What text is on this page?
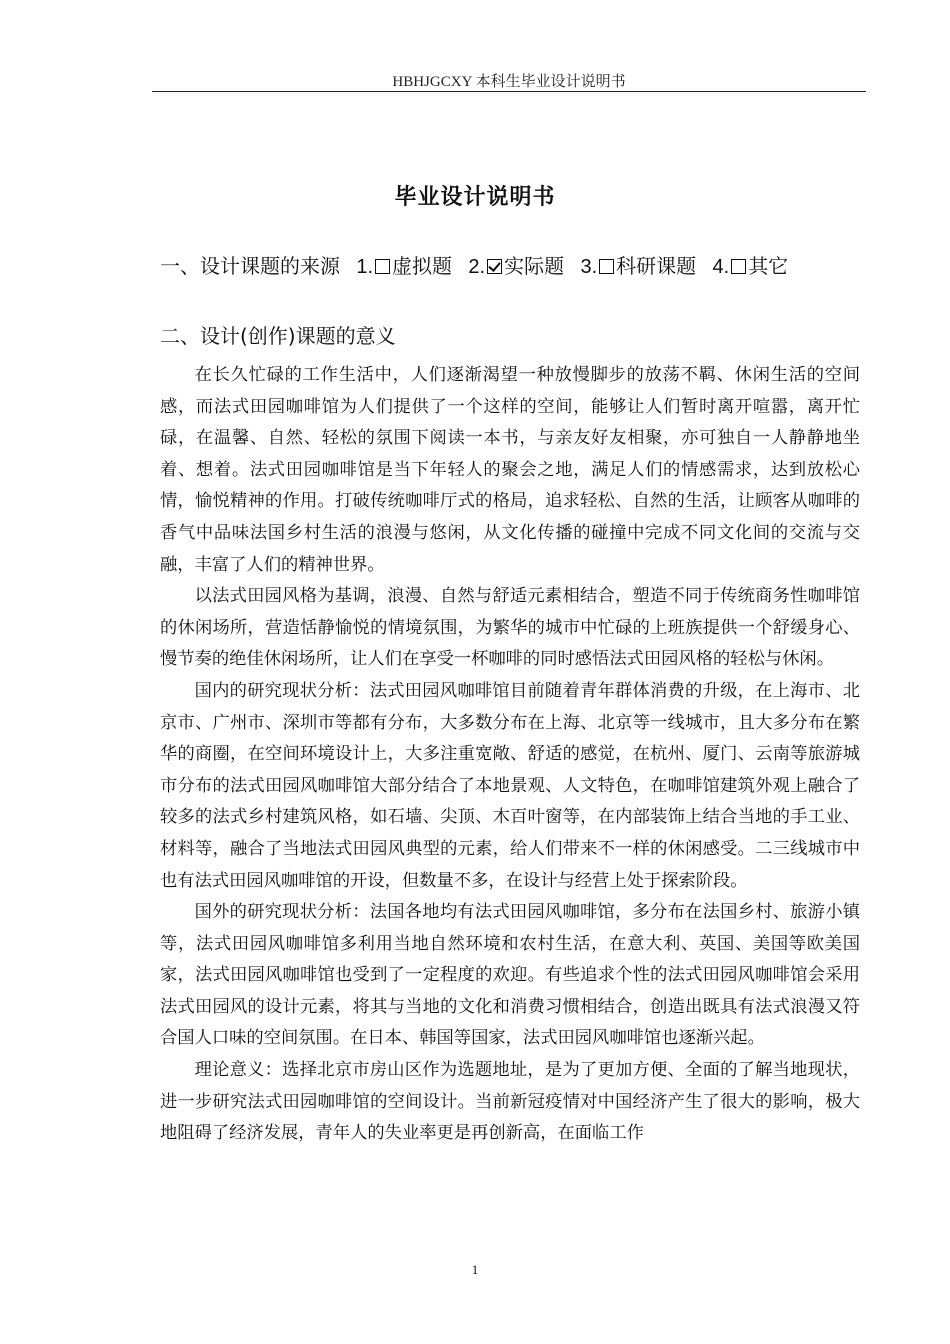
HBHJGCXY 本科生毕业设计说明书
毕业设计说明书
一、设计课题的来源 1. 虚拟题 2. 实际题 3. 科研课题 4. 其它
二、设计(创作)课题的意义

在长久忙碌的工作生活中，人们逐渐渴望一种放慢脚步的放荡不羁、休闲生活的空间感，而法式田园咖啡馆为人们提供了一个这样的空间，能够让人们暂时离开喧嚣，离开忙碌，在温馨、自然、轻松的氛围下阅读一本书，与亲友好友相聚，亦可独自一人静静地坐着、想着。法式田园咖啡馆是当下年轻人的聚会之地，满足人们的情感需求，达到放松心情，愉悦精神的作用。打破传统咖啡厅式的格局，追求轻松、自然的生活，让顾客从咖啡的香气中品味法国乡村生活的浪漫与悠闲，从文化传播的碰撞中完成不同文化间的交流与交融，丰富了人们的精神世界。

以法式田园风格为基调，浪漫、自然与舒适元素相结合，塑造不同于传统商务性咖啡馆的休闲场所，营造恬静愉悦的情境氛围，为繁华的城市中忙碌的上班族提供一个舒缓身心、慢节奏的绝佳休闲场所，让人们在享受一杯咖啡的同时感悟法式田园风格的轻松与休闲。

国内的研究现状分析：法式田园风咖啡馆目前随着青年群体消费的升级，在上海市、北京市、广州市、深圳市等都有分布，大多数分布在上海、北京等一线城市，且大多分布在繁华的商圈，在空间环境设计上，大多注重宽敞、舒适的感觉，在杭州、厦门、云南等旅游城市分布的法式田园风咖啡馆大部分结合了本地景观、人文特色，在咖啡馆建筑外观上融合了较多的法式乡村建筑风格，如石墙、尖顶、木百叶窗等，在内部装饰上结合当地的手工业、材料等，融合了当地法式田园风典型的元素，给人们带来不一样的休闲感受。二三线城市中也有法式田园风咖啡馆的开设，但数量不多，在设计与经营上处于探索阶段。

国外的研究现状分析：法国各地均有法式田园风咖啡馆，多分布在法国乡村、旅游小镇等，法式田园风咖啡馆多利用当地自然环境和农村生活，在意大利、英国、美国等欧美国家，法式田园风咖啡馆也受到了一定程度的欢迎。有些追求个性的法式田园风咖啡馆会采用法式田园风的设计元素，将其与当地的文化和消费习惯相结合，创造出既具有法式浪漫又符合国人口味的空间氛围。在日本、韩国等国家，法式田园风咖啡馆也逐渐兴起。

理论意义：选择北京市房山区作为选题地址，是为了更加方便、全面的了解当地现状，进一步研究法式田园咖啡馆的空间设计。当前新冠疫情对中国经济产生了很大的影响，极大地阻碍了经济发展，青年人的失业率更是再创新高，在面临工作

1
